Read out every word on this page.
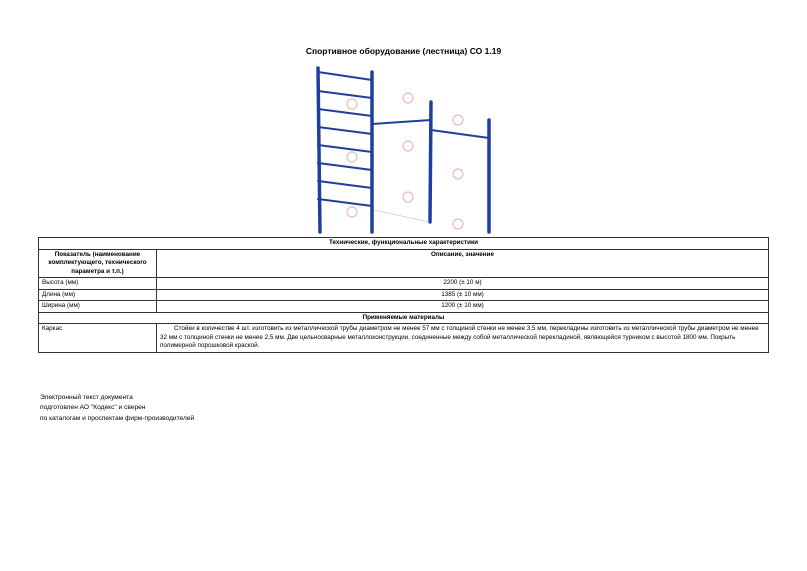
Спортивное оборудование (лестница) СО 1.19
Технические, функциональные характеристики	
Показатель (наименование комплектующего, технического параметра и т.п.)	Описание, значение
Высота (мм)	2200 (± 10 м)
Длина (мм)	1385 (± 10 мм)
Ширина (мм)	1200 (± 10 мм)
Применяемые материалы	
Каркас	Стойки в количестве 4 шт. изготовить из металлической трубы диаметром не менее 57 мм с толщиной стенки не менее 3,5 мм, перекладины изготовить из металлической трубы диаметром не менее 32 мм с толщиной стенки не менее 2,5 мм. Две цельносварные металлоконструкции, соединенные между собой металлической перекладиной, являющейся турником с высотой 1800 мм. Покрыть полимерной порошковой краской.
Электронный текст документа
подготовлен АО "Кодекс" и сверен
по каталогам и проспектам фирм-производителей
